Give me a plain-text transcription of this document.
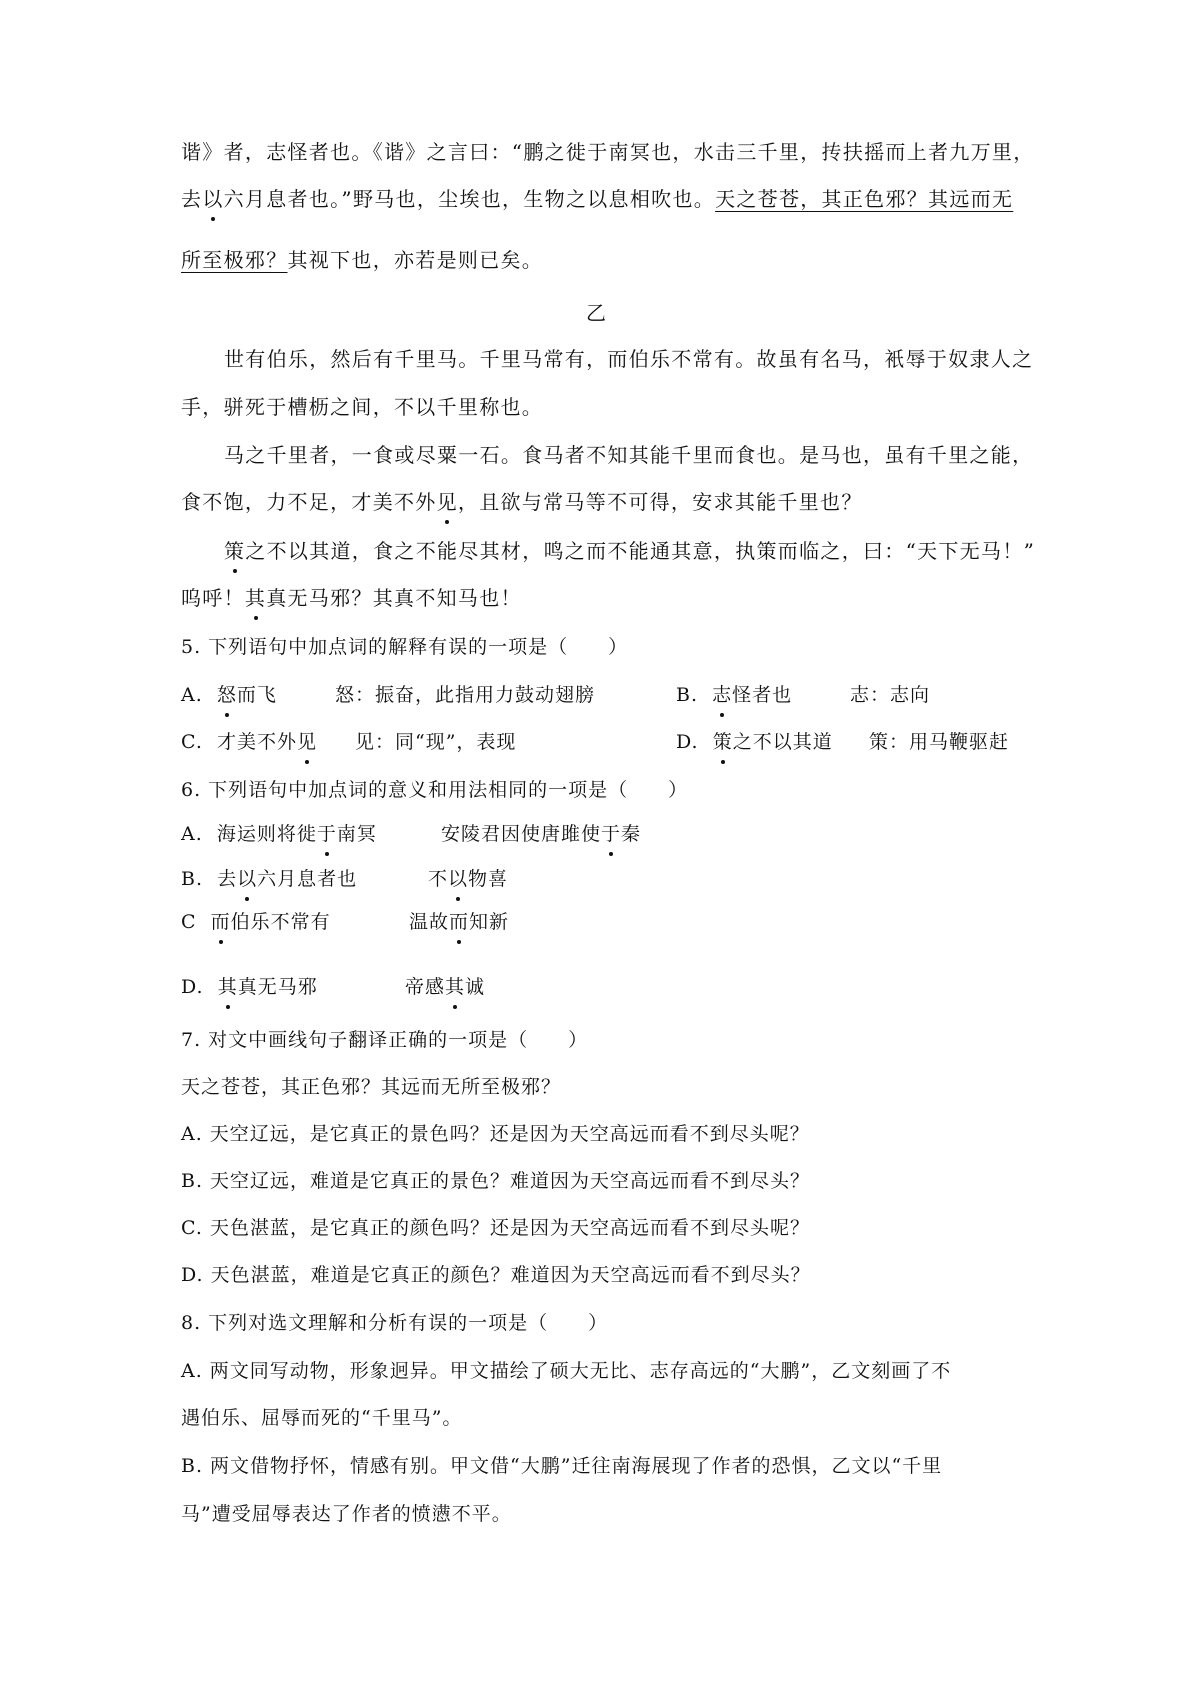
谐》者，志怪者也。《谐》之言曰：“鹏之徙于南冥也，水击三千里，抟扶摇而上者九万里，
去以六月息者也。”野马也，尘埃也，生物之以息相吹也。天之苍苍，其正色邪？其远而无
所至极邪？其视下也，亦若是则已矣。
乙
世有伯乐，然后有千里马。千里马常有，而伯乐不常有。故虽有名马，衹辱于奴隶人之
手，骈死于槽枥之间，不以千里称也。
马之千里者，一食或尽粟一石。食马者不知其能千里而食也。是马也，虽有千里之能，
食不饱，力不足，才美不外见，且欲与常马等不可得，安求其能千里也？
策之不以其道，食之不能尽其材，鸣之而不能通其意，执策而临之，曰：“天下无马！”
呜呼！其真无马邪？其真不知马也！
5. 下列语句中加点词的解释有误的一项是（　　）
A. 怒而飞	怒：振奋，此指用力鼓动翅膀	B. 志怪者也	志：志向
C. 才美不外见 见：同“现”，表现	D. 策之不以其道 策：用马鞭驱赶
6. 下列语句中加点词的意义和用法相同的一项是（　　）
A. 海运则将徙于南冥	安陵君因使唐雎使于秦
B. 去以六月息者也	不以物喜
C 而伯乐不常有	温故而知新
D. 其真无马邪	帝感其诚
7. 对文中画线句子翻译正确的一项是（　　）
天之苍苍，其正色邪？其远而无所至极邪？
A. 天空辽远，是它真正的景色吗？还是因为天空高远而看不到尽头呢？
B. 天空辽远，难道是它真正的景色？难道因为天空高远而看不到尽头？
C. 天色湛蓝，是它真正的颜色吗？还是因为天空高远而看不到尽头呢？
D. 天色湛蓝，难道是它真正的颜色？难道因为天空高远而看不到尽头？
8. 下列对选文理解和分析有误的一项是（　　）
A. 两文同写动物，形象迥异。甲文描绘了硕大无比、志存高远的“大鹏”，乙文刻画了不
遇伯乐、屈辱而死的“千里马”。
B. 两文借物抒怀，情感有别。甲文借“大鹏”迁往南海展现了作者的恐惧，乙文以“千里
马”遭受屈辱表达了作者的愤懑不平。
